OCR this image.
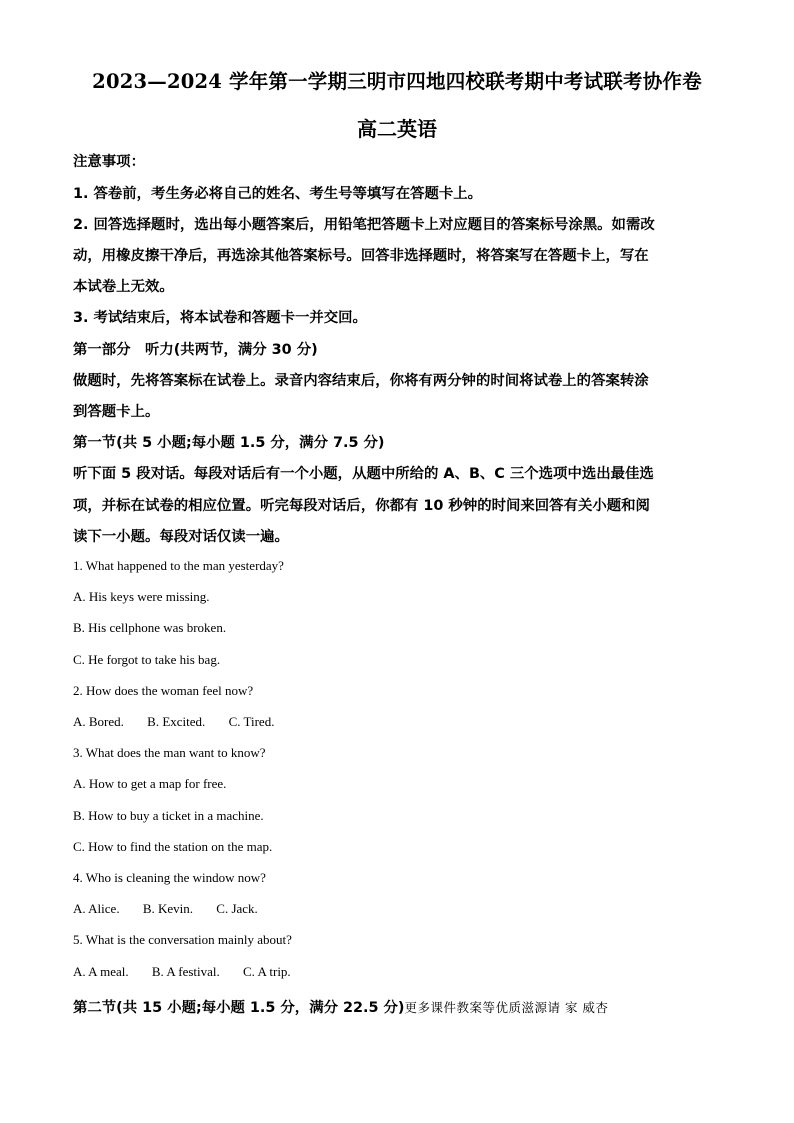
2023—2024 学年第一学期三明市四地四校联考期中考试联考协作卷
高二英语
注意事项：
1. 答卷前，考生务必将自己的姓名、考生号等填写在答题卡上。
2. 回答选择题时，选出每小题答案后，用铅笔把答题卡上对应题目的答案标号涂黑。如需改
动，用橡皮擦干净后，再选涂其他答案标号。回答非选择题时，将答案写在答题卡上，写在
本试卷上无效。
3. 考试结束后，将本试卷和答题卡一并交回。
第一部分　听力(共两节，满分 30 分)
做题时，先将答案标在试卷上。录音内容结束后，你将有两分钟的时间将试卷上的答案转涂
到答题卡上。
第一节(共 5 小题;每小题 1.5 分，满分 7.5 分)
听下面 5 段对话。每段对话后有一个小题，从题中所给的 A、B、C 三个选项中选出最佳选
项，并标在试卷的相应位置。听完每段对话后，你都有 10 秒钟的时间来回答有关小题和阅
读下一小题。每段对话仅读一遍。
1. What happened to the man yesterday?
A. His keys were missing.
B. His cellphone was broken.
C. He forgot to take his bag.
2. How does the woman feel now?
A. Bored. B. Excited. C. Tired.
3. What does the man want to know?
A. How to get a map for free.
B. How to buy a ticket in a machine.
C. How to find the station on the map.
4. Who is cleaning the window now?
A. Alice. B. Kevin. C. Jack.
5. What is the conversation mainly about?
A. A meal. B. A festival. C. A trip.
第二节(共 15 小题;每小题 1.5 分，满分 22.5 分)更多课件教案等优质滋源请 家 威杏
